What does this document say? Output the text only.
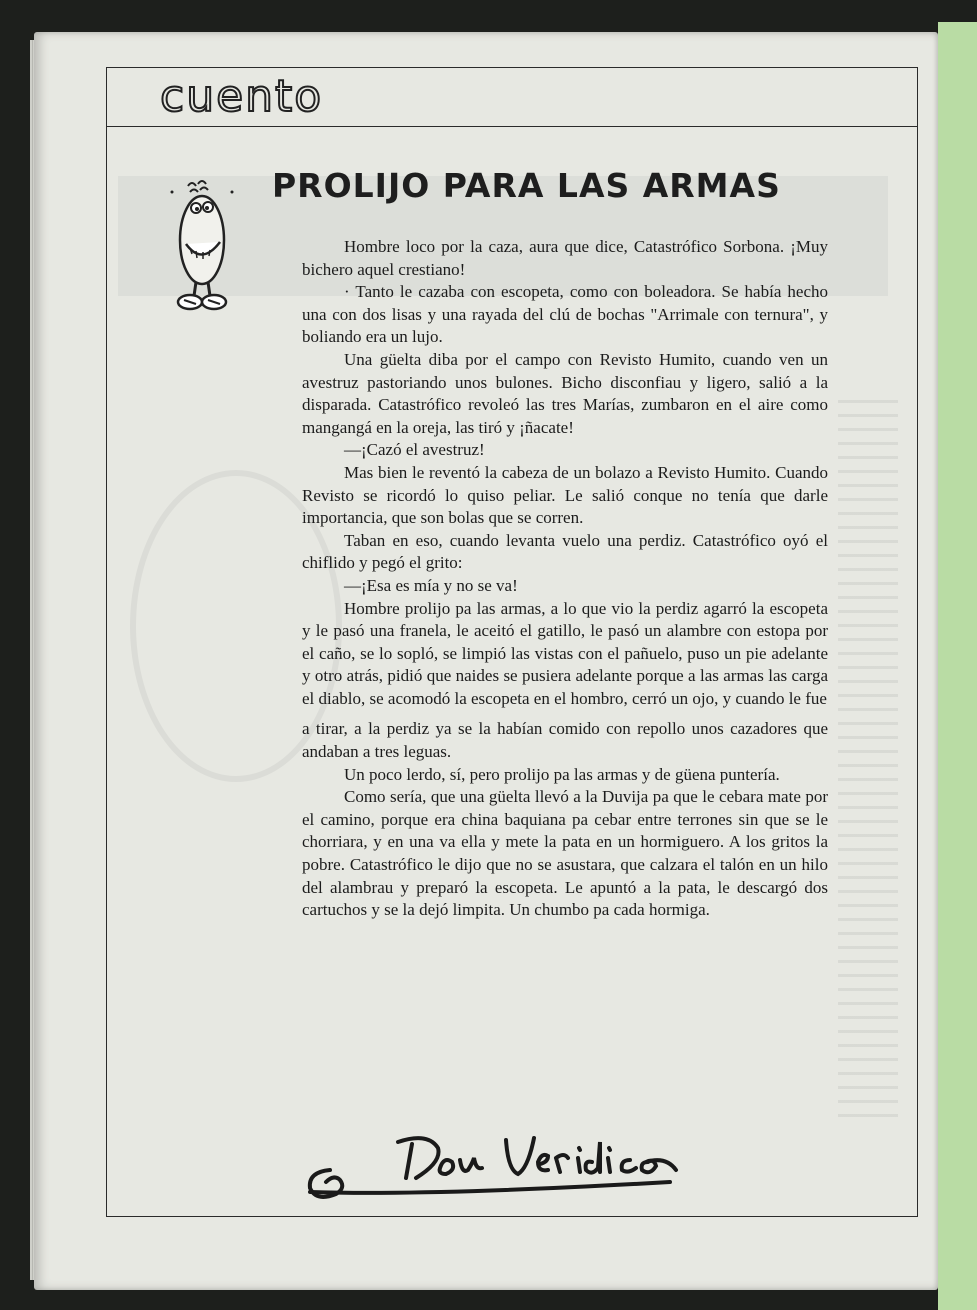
cuento
PROLIJO PARA LAS ARMAS

Hombre loco por la caza, aura que dice, Catastrófico Sorbona. ¡Muy bichero aquel crestiano!

· Tanto le cazaba con escopeta, como con boleadora. Se había hecho una con dos lisas y una rayada del clú de bochas "Arrimale con ternura", y boliando era un lujo.

Una güelta diba por el campo con Revisto Humito, cuando ven un avestruz pastoriando unos bulones. Bicho disconfiau y ligero, salió a la disparada. Catastrófico revoleó las tres Marías, zumbaron en el aire como mangangá en la oreja, las tiró y ¡ñacate!

—¡Cazó el avestruz!

Mas bien le reventó la cabeza de un bolazo a Revisto Humito. Cuando Revisto se ricordó lo quiso peliar. Le salió conque no tenía que darle importancia, que son bolas que se corren.

Taban en eso, cuando levanta vuelo una perdiz. Catastrófico oyó el chiflido y pegó el grito:

—¡Esa es mía y no se va!

Hombre prolijo pa las armas, a lo que vio la perdiz agarró la escopeta y le pasó una franela, le aceitó el gatillo, le pasó un alambre con estopa por el caño, se lo sopló, se limpió las vistas con el pañuelo, puso un pie adelante y otro atrás, pidió que naides se pusiera adelante porque a las armas las carga el diablo, se acomodó la escopeta en el hombro, cerró un ojo, y cuando le fue

a tirar, a la perdiz ya se la habían comido con repollo unos cazadores que andaban a tres leguas.

Un poco lerdo, sí, pero prolijo pa las armas y de güena puntería.

Como sería, que una güelta llevó a la Duvija pa que le cebara mate por el camino, porque era china baquiana pa cebar entre terrones sin que se le chorriara, y en una va ella y mete la pata en un hormiguero. A los gritos la pobre. Catastrófico le dijo que no se asustara, que calzara el talón en un hilo del alambrau y preparó la escopeta. Le apuntó a la pata, le descargó dos cartuchos y se la dejó limpita. Un chumbo pa cada hormiga.
